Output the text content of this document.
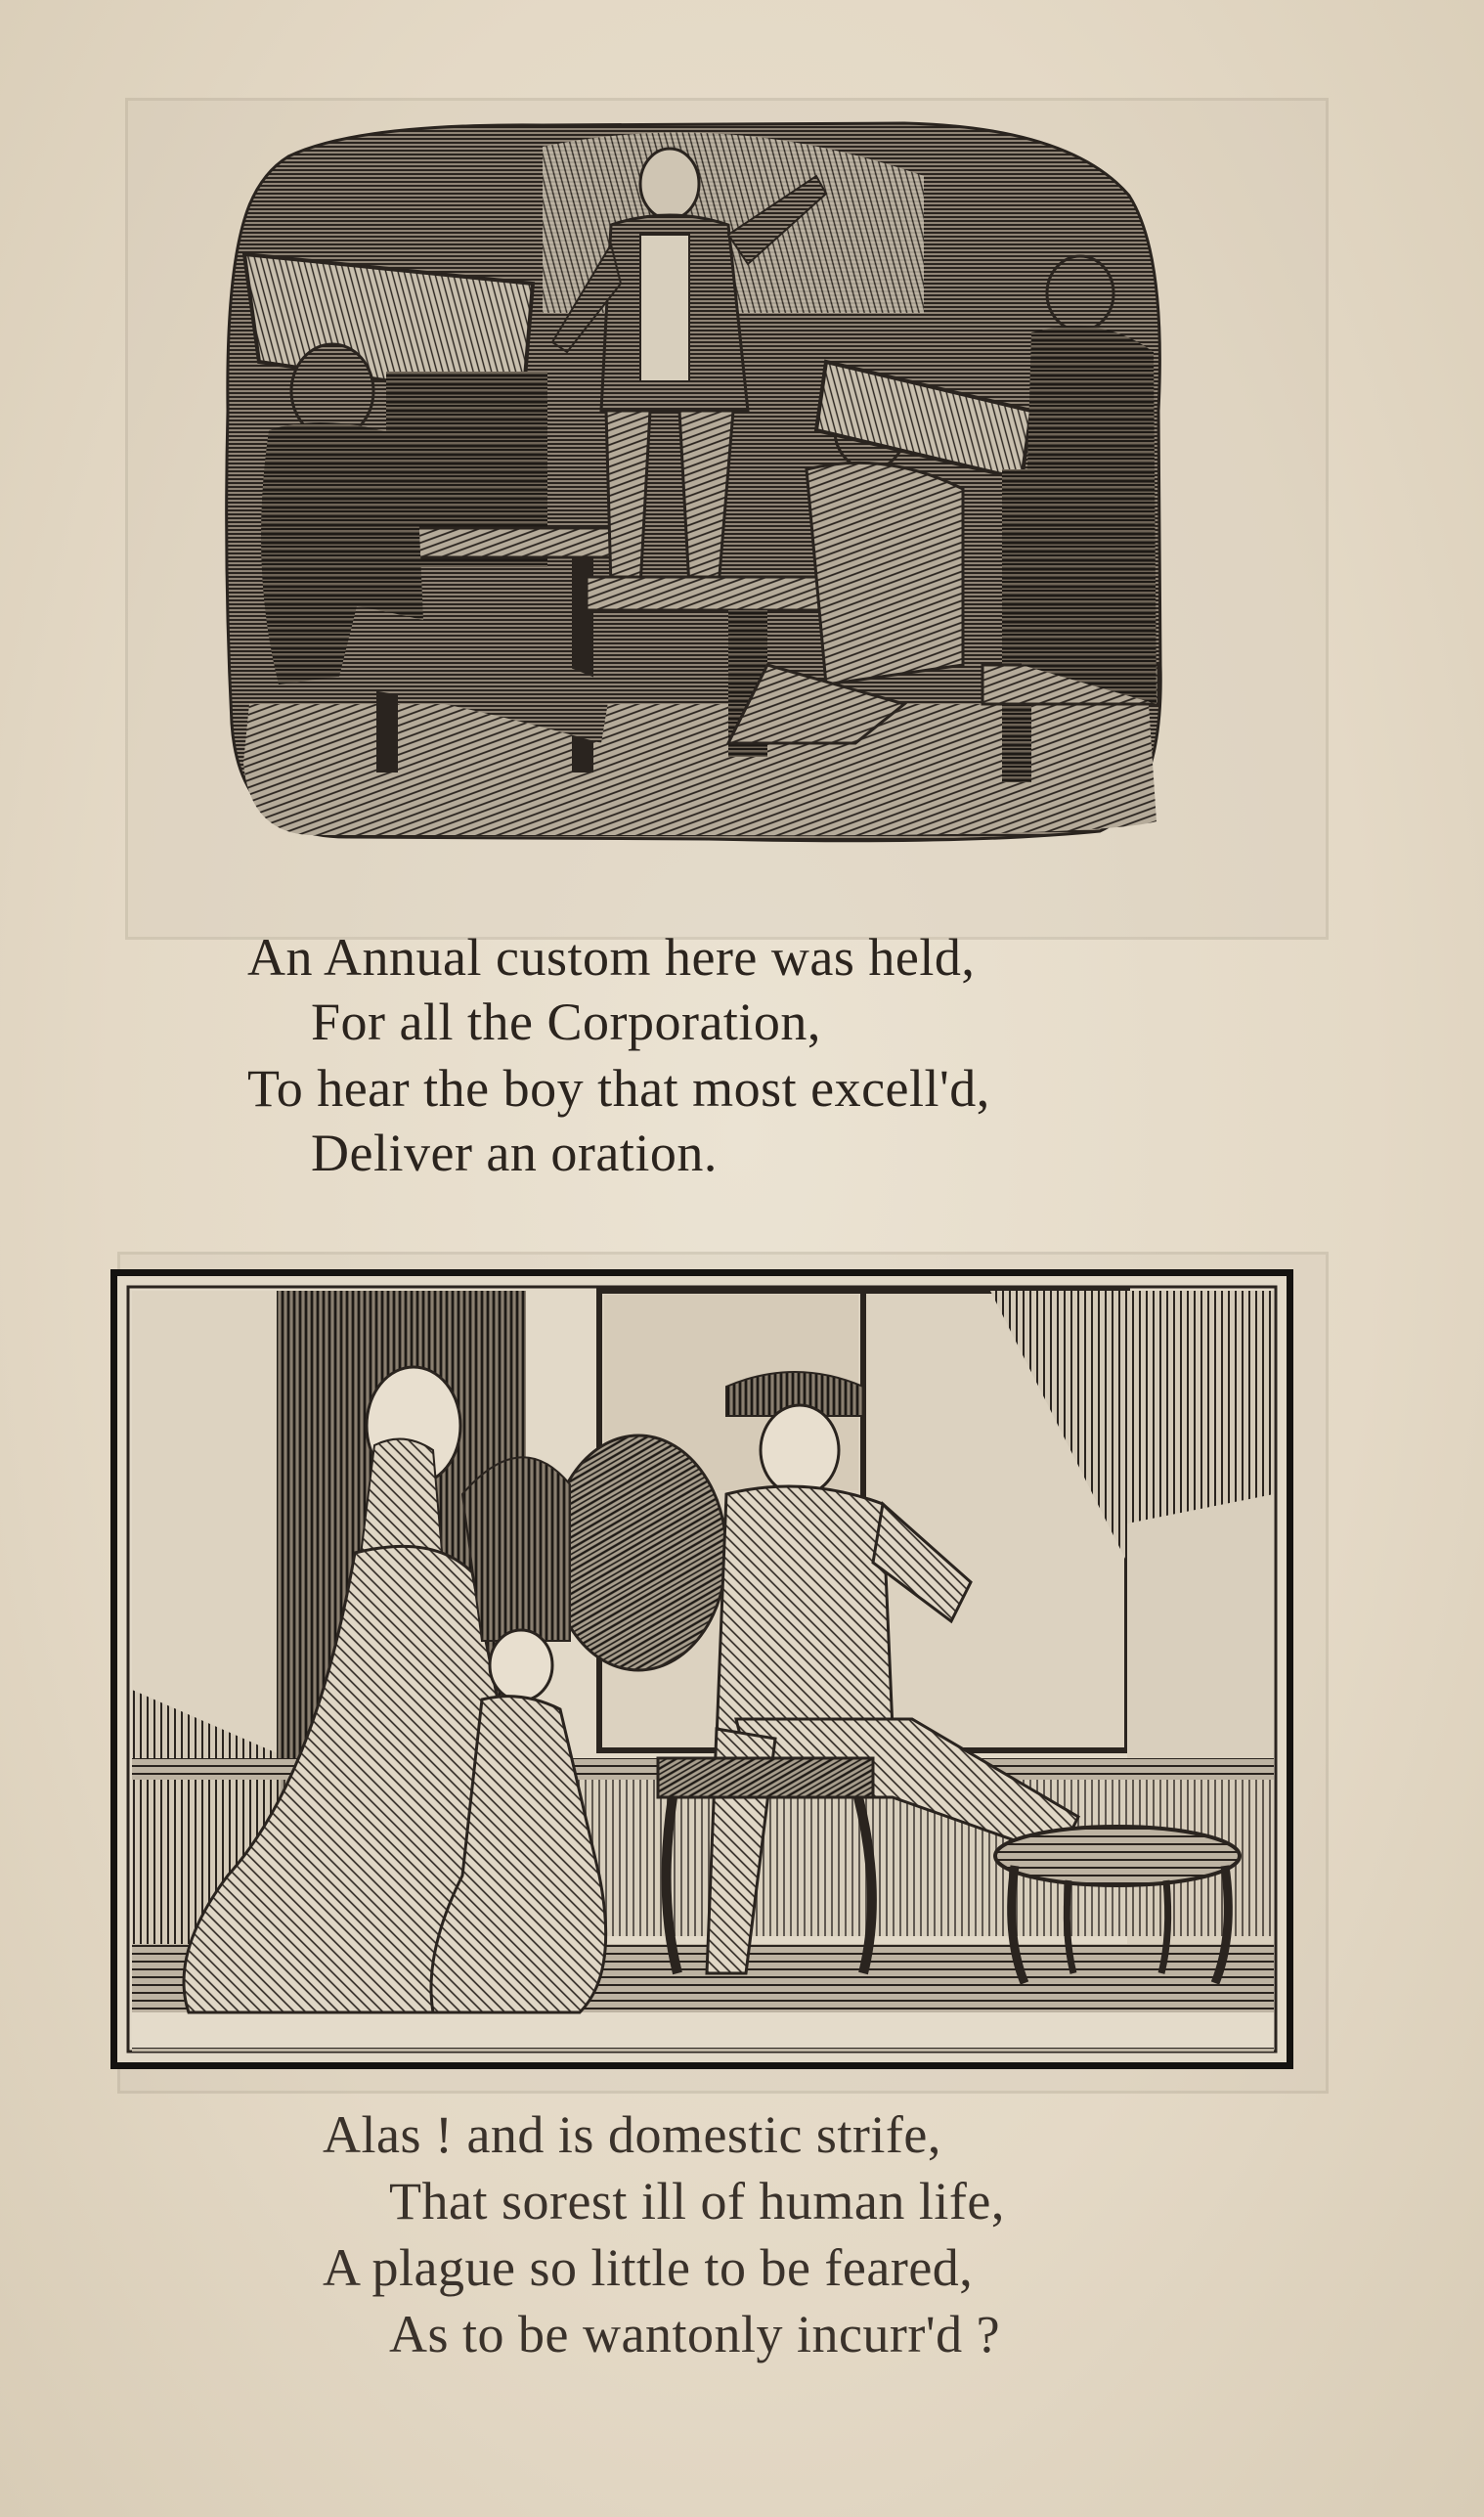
An Annual custom here was held,
For all the Corporation,
To hear the boy that most excell'd,
Deliver an oration.
Alas ! and is domestic strife,
That sorest ill of human life,
A plague so little to be feared,
As to be wantonly incurr'd ?
